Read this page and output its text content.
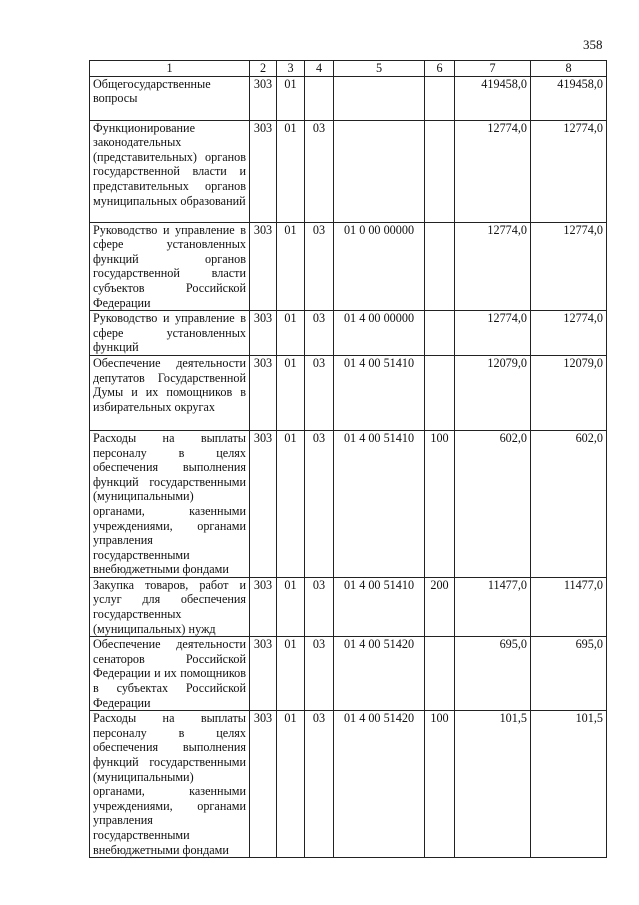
358
1	2	3	4	5	6	7	8
Общегосударственные вопросы	303	01				419458,0	419458,0
Функционирование законодательных (представительных) органов государственной власти и представительных органов муниципальных образований	303	01	03			12774,0	12774,0
Руководство и управление в сфере установленных функций органов государственной власти субъектов Российской Федерации	303	01	03	01 0 00 00000		12774,0	12774,0
Руководство и управление в сфере установленных функций	303	01	03	01 4 00 00000		12774,0	12774,0
Обеспечение деятельности депутатов Государственной Думы и их помощников в избирательных округах	303	01	03	01 4 00 51410		12079,0	12079,0
Расходы на выплаты персоналу в целях обеспечения выполнения функций государственными (муниципальными) органами, казенными учреждениями, органами управления государственными внебюджетными фондами	303	01	03	01 4 00 51410	100	602,0	602,0
Закупка товаров, работ и услуг для обеспечения государственных (муниципальных) нужд	303	01	03	01 4 00 51410	200	11477,0	11477,0
Обеспечение деятельности сенаторов Российской Федерации и их помощников в субъектах Российской Федерации	303	01	03	01 4 00 51420		695,0	695,0
Расходы на выплаты персоналу в целях обеспечения выполнения функций государственными (муниципальными) органами, казенными учреждениями, органами управления государственными внебюджетными фондами	303	01	03	01 4 00 51420	100	101,5	101,5
